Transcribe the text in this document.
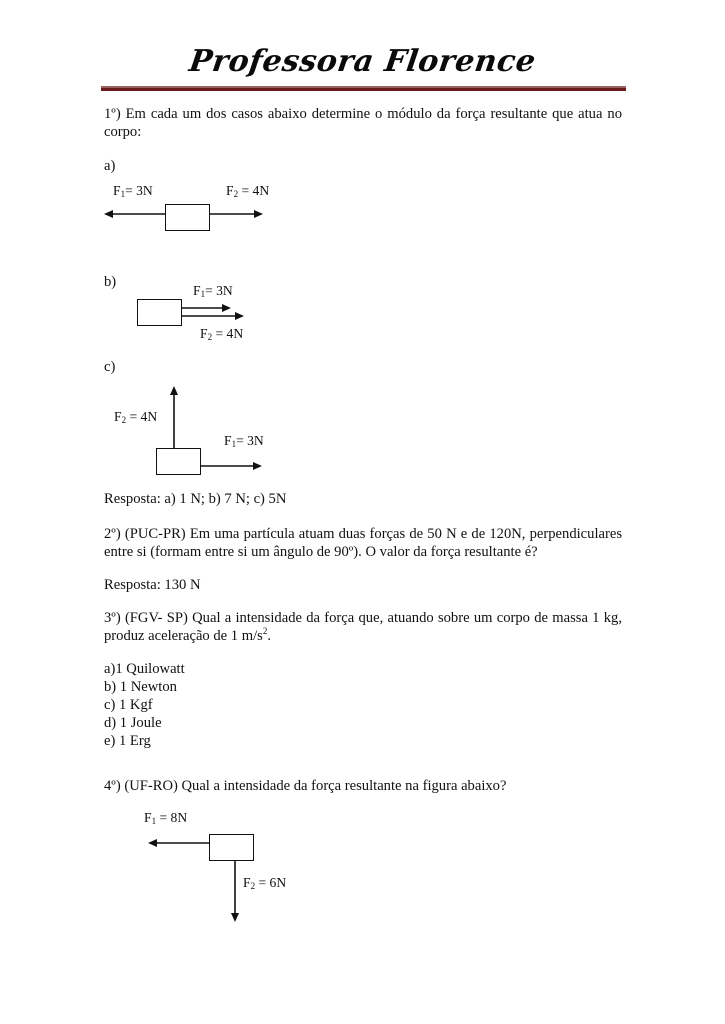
Professora Florence
1º) Em cada um dos casos abaixo determine o módulo da força resultante que atua no
corpo:
a)
$F_1= 3N$	$F_2 = 4N$
b)
$F_1= 3N$
$F_2 = 4N$
c)
$F_2 = 4N$
$F_1= 3N$
Resposta: a) 1 N; b) 7 N; c) 5N
2º) (PUC-PR) Em uma partícula atuam duas forças de 50 N e de 120N, perpendiculares
entre si (formam entre si um ângulo de 90º). O valor da força resultante é?
Resposta: 130 N
3º) (FGV- SP) Qual a intensidade da força que, atuando sobre um corpo de massa 1 kg,
produz aceleração de 1 $m/s^2$.
a)1 Quilowatt
b) 1 Newton
c) 1 Kgf
d) 1 Joule
e) 1 Erg
4º) (UF-RO) Qual a intensidade da força resultante na figura abaixo?
$F_1 = 8N$
$F_2 = 6N$
